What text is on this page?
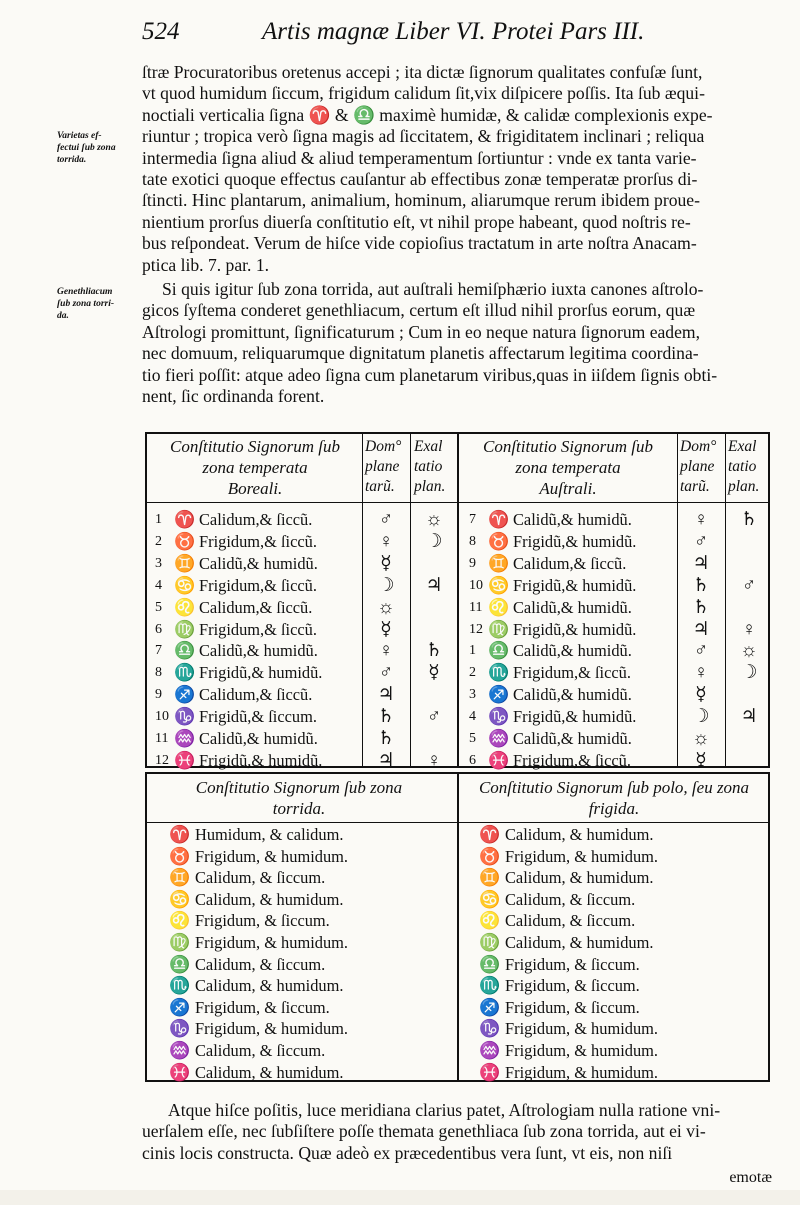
524	Artis magnæ Liber VI. Protei Pars III.
Varietas ef-
fectui ſub zona
torrida.
Genethliacum
ſub zona torri-
da.
ſtræ Procuratoribus oretenus accepi ; ita dictæ ſignorum qualitates confuſæ ſunt,
vt quod humidum ſiccum, frigidum calidum ſit,vix diſpicere poſſis. Ita ſub æqui-
noctiali verticalia ſigna ♈ & ♎ maximè humidæ, & calidæ complexionis expe-
riuntur ; tropica verò ſigna magis ad ſiccitatem, & frigiditatem inclinari ; reliqua
intermedia ſigna aliud & aliud temperamentum ſortiuntur : vnde ex tanta varie-
tate exotici quoque effectus cauſantur ab effectibus zonæ temperatæ prorſus di-
ſtincti. Hinc plantarum, animalium, hominum, aliarumque rerum ibidem proue-
nientium prorſus diuerſa conſtitutio eſt, vt nihil prope habeant, quod noſtris re-
bus reſpondeat. Verum de hiſce vide copioſius tractatum in arte noſtra Anacam-
ptica lib. 7. par. 1.
Si quis igitur ſub zona torrida, aut auſtrali hemiſphærio iuxta canones aſtrolo-
gicos ſyſtema conderet genethliacum, certum eſt illud nihil prorſus eorum, quæ
Aſtrologi promittunt, ſignificaturum ; Cum in eo neque natura ſignorum eadem,
nec domuum, reliquarumque dignitatum planetis affectarum legitima coordina-
tio fieri poſſit: atque adeo ſigna cum planetarum viribus,quas in iiſdem ſignis obti-
nent, ſic ordinanda forent.
Conſtitutio Signorum ſub
zona temperata
Boreali.
Dom°
plane
tarũ.
Exal
tatio
plan.
Conſtitutio Signorum ſub
zona temperata
Auſtrali.
Dom°
plane
tarũ.
Exal
tatio
plan.
1 ♈ Calidum,& ſiccũ.
2 ♉ Frigidum,& ſiccũ.
3 ♊ Calidũ,& humidũ.
4 ♋ Frigidum,& ſiccũ.
5 ♌ Calidum,& ſiccũ.
6 ♍ Frigidum,& ſiccũ.
7 ♎ Calidũ,& humidũ.
8 ♏ Frigidũ,& humidũ.
9 ♐ Calidum,& ſiccũ.
10 ♑ Frigidũ,& ſiccum.
11 ♒ Calidũ,& humidũ.
12 ♓ Frigidũ,& humidũ.
♂
♀
☿
☽
☼
☿
♀
♂
♃
♄
♄
♃
☼
☽
♃
♄
☿
♂
♀
7 ♈ Calidũ,& humidũ.
8 ♉ Frigidũ,& humidũ.
9 ♊ Calidum,& ſiccũ.
10 ♋ Frigidũ,& humidũ.
11 ♌ Calidũ,& humidũ.
12 ♍ Frigidũ,& humidũ.
1 ♎ Calidũ,& humidũ.
2 ♏ Frigidum,& ſiccũ.
3 ♐ Calidũ,& humidũ.
4 ♑ Frigidũ,& humidũ.
5 ♒ Calidũ,& humidũ.
6 ♓ Frigidum,& ſiccũ.
♀
♂
♃
♄
♄
♃
♂
♀
☿
☽
☼
☿
♄
♂
♀
☼
☽
♃
Conſtitutio Signorum ſub zona
torrida.
Conſtitutio Signorum ſub polo, ſeu zona
frigida.
♈ Humidum, & calidum.
♉ Frigidum, & humidum.
♊ Calidum, & ſiccum.
♋ Calidum, & humidum.
♌ Frigidum, & ſiccum.
♍ Frigidum, & humidum.
♎ Calidum, & ſiccum.
♏ Calidum, & humidum.
♐ Frigidum, & ſiccum.
♑ Frigidum, & humidum.
♒ Calidum, & ſiccum.
♓ Calidum, & humidum.
♈ Calidum, & humidum.
♉ Frigidum, & humidum.
♊ Calidum, & humidum.
♋ Calidum, & ſiccum.
♌ Calidum, & ſiccum.
♍ Calidum, & humidum.
♎ Frigidum, & ſiccum.
♏ Frigidum, & ſiccum.
♐ Frigidum, & ſiccum.
♑ Frigidum, & humidum.
♒ Frigidum, & humidum.
♓ Frigidum, & humidum.
Atque hiſce poſitis, luce meridiana clarius patet, Aſtrologiam nulla ratione vni-
uerſalem eſſe, nec ſubſiſtere poſſe themata genethliaca ſub zona torrida, aut ei vi-
cinis locis constructa. Quæ adeò ex præcedentibus vera ſunt, vt eis, non niſi
emotæ
